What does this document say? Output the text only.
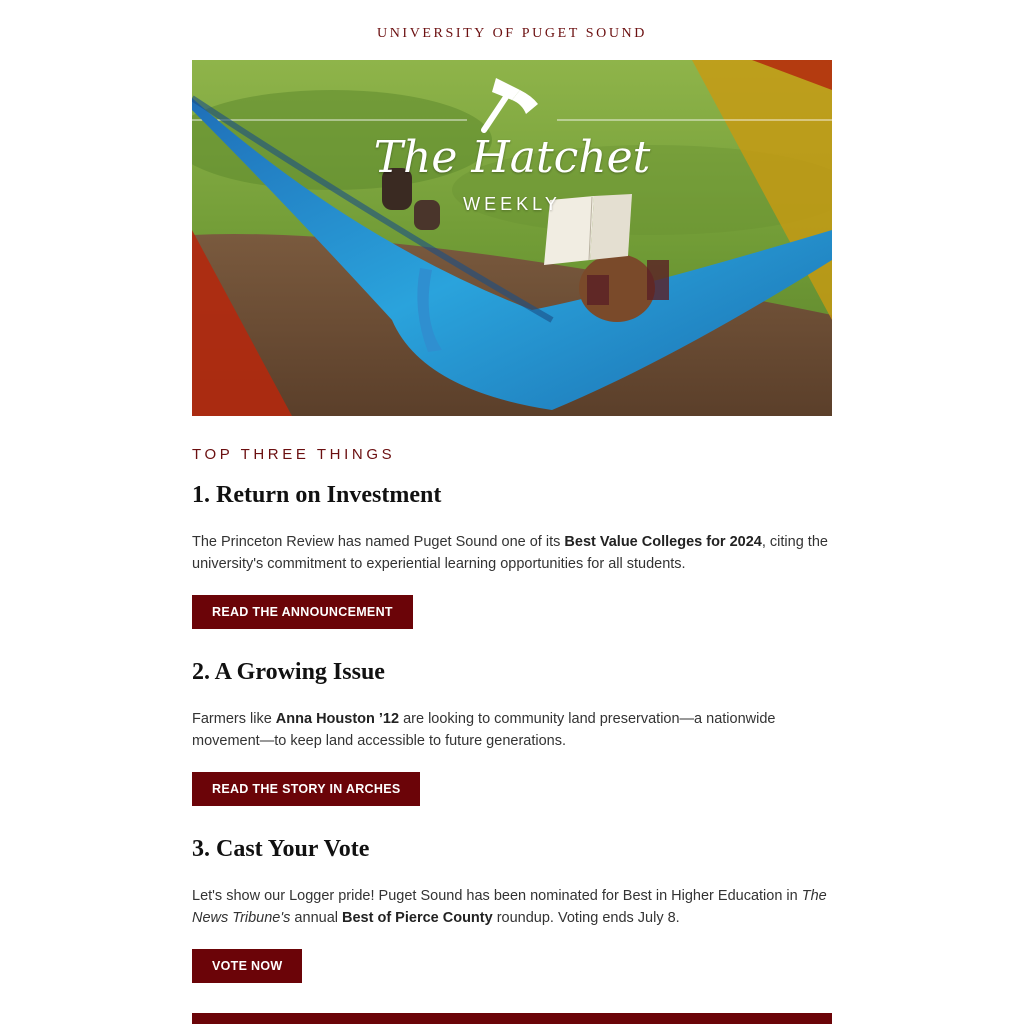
UNIVERSITY OF PUGET SOUND
The Hatchet
WEEKLY
TOP THREE THINGS
1. Return on Investment

The Princeton Review has named Puget Sound one of its Best Value Colleges for 2024, citing the university's commitment to experiential learning opportunities for all students.

READ THE ANNOUNCEMENT
2. A Growing Issue

Farmers like Anna Houston ’12 are looking to community land preservation—a nationwide movement—to keep land accessible to future generations.

READ THE STORY IN ARCHES
3. Cast Your Vote

Let's show our Logger pride! Puget Sound has been nominated for Best in Higher Education in The News Tribune's annual Best of Pierce County roundup. Voting ends July 8.

VOTE NOW
